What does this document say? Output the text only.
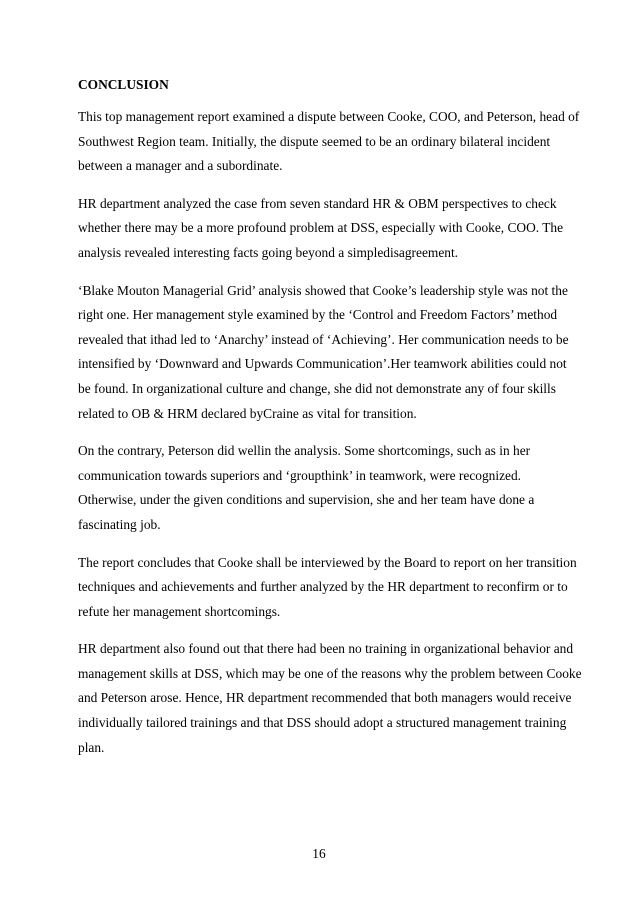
CONCLUSION

This top management report examined a dispute between Cooke, COO, and Peterson, head of
Southwest Region team. Initially, the dispute seemed to be an ordinary bilateral incident
between a manager and a subordinate.

HR department analyzed the case from seven standard HR & OBM perspectives to check
whether there may be a more profound problem at DSS, especially with Cooke, COO. The
analysis revealed interesting facts going beyond a simpledisagreement.

‘Blake Mouton Managerial Grid’ analysis showed that Cooke’s leadership style was not the
right one. Her management style examined by the ‘Control and Freedom Factors’ method
revealed that ithad led to ‘Anarchy’ instead of ‘Achieving’. Her communication needs to be
intensified by ‘Downward and Upwards Communication’.Her teamwork abilities could not
be found. In organizational culture and change, she did not demonstrate any of four skills
related to OB & HRM declared byCraine as vital for transition.

On the contrary, Peterson did wellin the analysis. Some shortcomings, such as in her
communication towards superiors and ‘groupthink’ in teamwork, were recognized.
Otherwise, under the given conditions and supervision, she and her team have done a
fascinating job.

The report concludes that Cooke shall be interviewed by the Board to report on her transition
techniques and achievements and further analyzed by the HR department to reconfirm or to
refute her management shortcomings.

HR department also found out that there had been no training in organizational behavior and
management skills at DSS, which may be one of the reasons why the problem between Cooke
and Peterson arose. Hence, HR department recommended that both managers would receive
individually tailored trainings and that DSS should adopt a structured management training
plan.

16
